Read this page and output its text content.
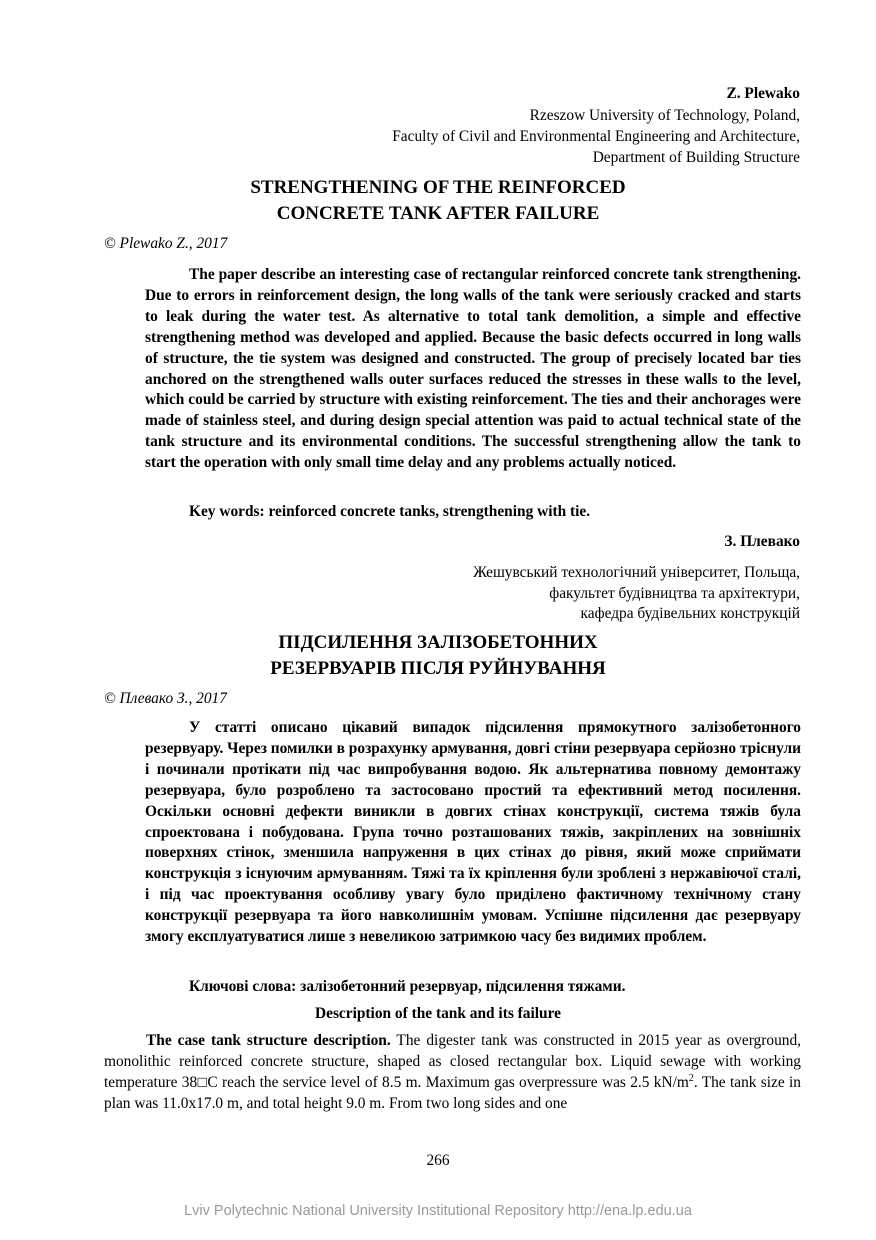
Z. Plewako
Rzeszow University of Technology, Poland,
Faculty of Civil and Environmental Engineering and Architecture,
Department of Building Structure
STRENGTHENING OF THE REINFORCED
CONCRETE TANK AFTER FAILURE
© Plewako Z., 2017

The paper describe an interesting case of rectangular reinforced concrete tank strengthening. Due to errors in reinforcement design, the long walls of the tank were seriously cracked and starts to leak during the water test. As alternative to total tank demolition, a simple and effective strengthening method was developed and applied. Because the basic defects occurred in long walls of structure, the tie system was designed and constructed. The group of precisely located bar ties anchored on the strengthened walls outer surfaces reduced the stresses in these walls to the level, which could be carried by structure with existing reinforcement. The ties and their anchorages were made of stainless steel, and during design special attention was paid to actual technical state of the tank structure and its environmental conditions. The successful strengthening allow the tank to start the operation with only small time delay and any problems actually noticed.

Key words: reinforced concrete tanks, strengthening with tie.
З. Плевако
Жешувський технологічний університет, Польща,
факультет будівництва та архітектури,
кафедра будівельних конструкцій
ПІДСИЛЕННЯ ЗАЛІЗОБЕТОННИХ
РЕЗЕРВУАРІВ ПІСЛЯ РУЙНУВАННЯ
© Плевако З., 2017

У статті описано цікавий випадок підсилення прямокутного залізобетонного резервуару. Через помилки в розрахунку армування, довгі стіни резервуара серйозно тріснули і починали протікати під час випробування водою. Як альтернатива повному демонтажу резервуара, було розроблено та застосовано простий та ефективний метод посилення. Оскільки основні дефекти виникли в довгих стінах конструкції, система тяжів була спроектована і побудована. Група точно розташованих тяжів, закріплених на зовнішніх поверхнях стінок, зменшила напруження в цих стінах до рівня, який може сприймати конструкція з існуючим армуванням. Тяжі та їх кріплення були зроблені з нержавіючої сталі, і під час проектування особливу увагу було приділено фактичному технічному стану конструкції резервуара та його навколишнім умовам. Успішне підсилення дає резервуару змогу експлуатуватися лише з невеликою затримкою часу без видимих проблем.

Ключові слова: залізобетонний резервуар, підсилення тяжами.
Description of the tank and its failure

The case tank structure description. The digester tank was constructed in 2015 year as overground, monolithic reinforced concrete structure, shaped as closed rectangular box. Liquid sewage with working temperature 38□C reach the service level of 8.5 m. Maximum gas overpressure was 2.5 $kN/m^2$. The tank size in plan was 11.0x17.0 m, and total height 9.0 m. From two long sides and one

266
Lviv Polytechnic National University Institutional Repository http://ena.lp.edu.ua
